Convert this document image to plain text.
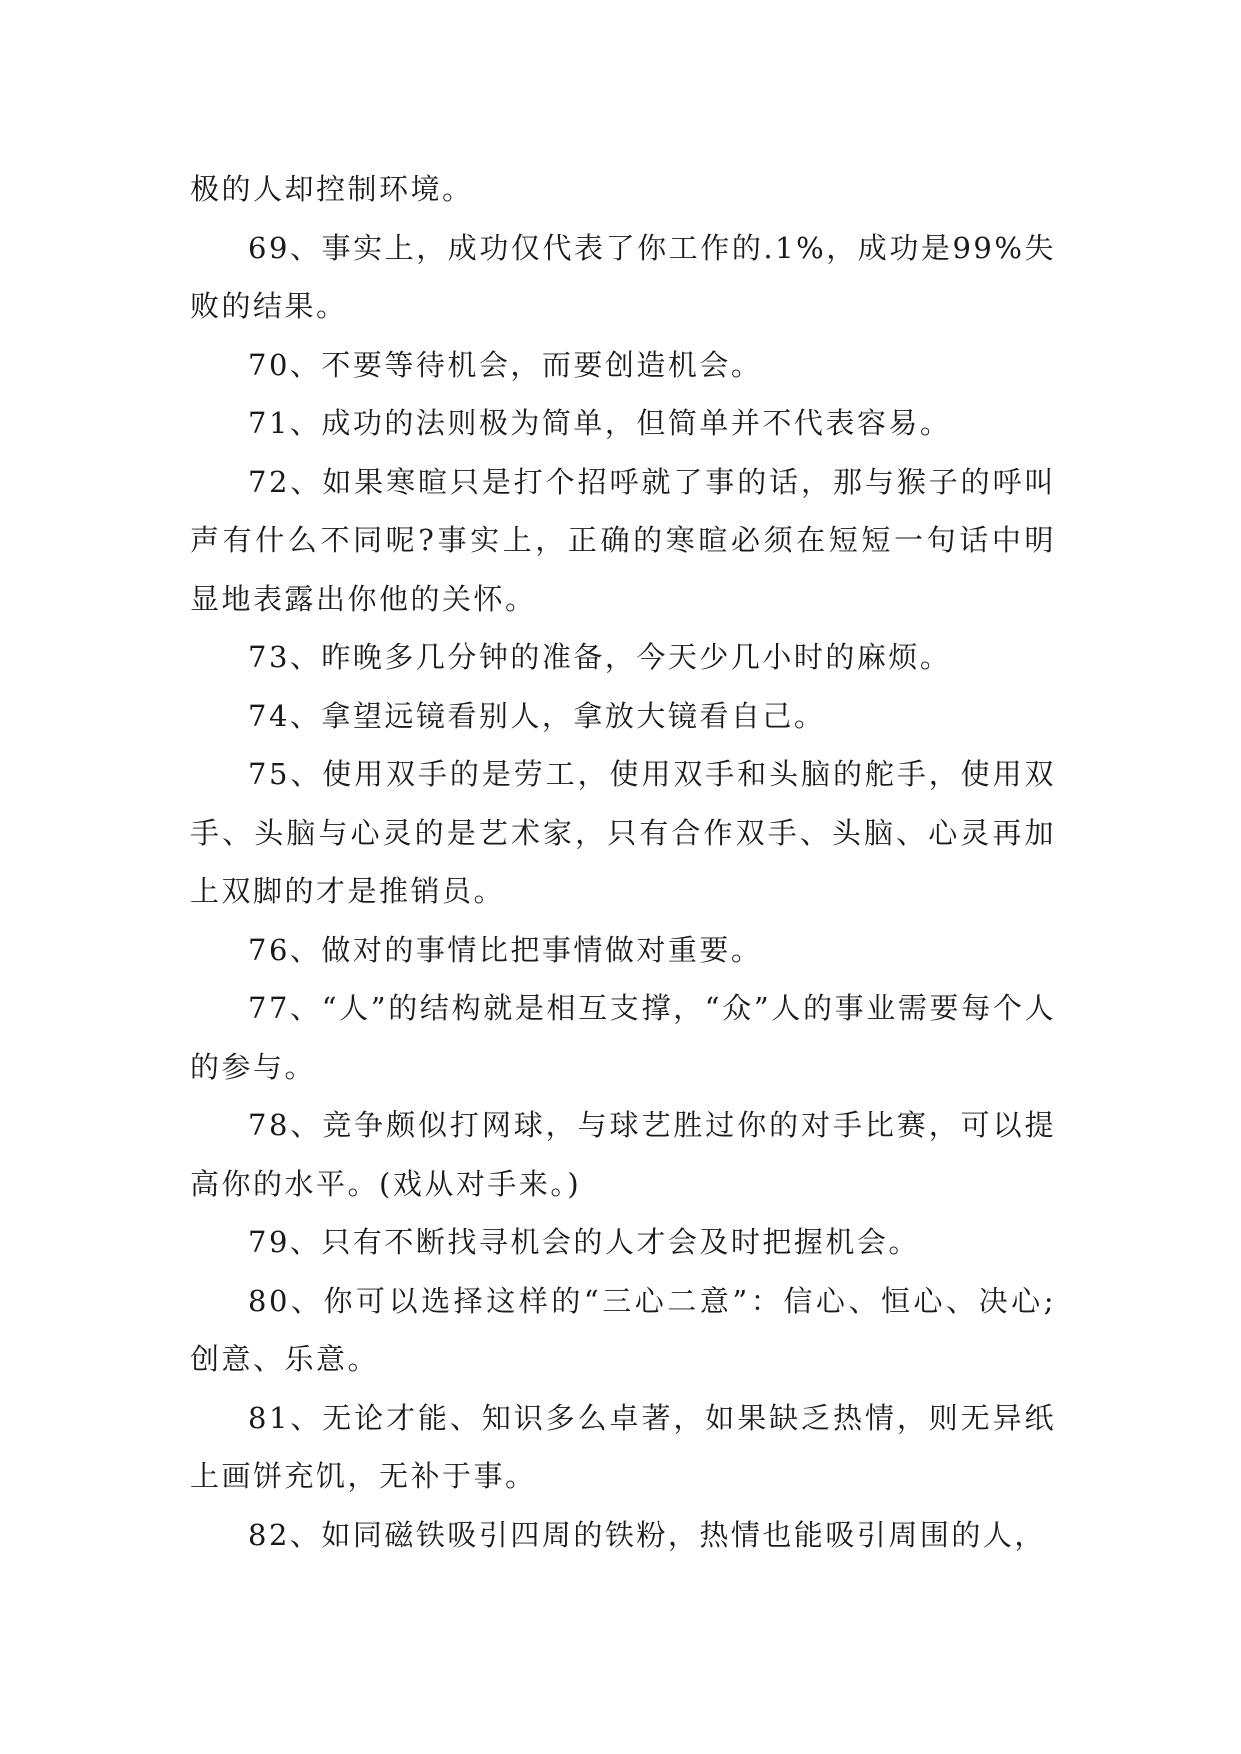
极的人却控制环境。

69、事实上，成功仅代表了你工作的.1%，成功是99%失败的结果。

70、不要等待机会，而要创造机会。

71、成功的法则极为简单，但简单并不代表容易。

72、如果寒暄只是打个招呼就了事的话，那与猴子的呼叫声有什么不同呢?事实上，正确的寒暄必须在短短一句话中明显地表露出你他的关怀。

73、昨晚多几分钟的准备，今天少几小时的麻烦。

74、拿望远镜看别人，拿放大镜看自己。

75、使用双手的是劳工，使用双手和头脑的舵手，使用双手、头脑与心灵的是艺术家，只有合作双手、头脑、心灵再加上双脚的才是推销员。

76、做对的事情比把事情做对重要。

77、“人”的结构就是相互支撑，“众”人的事业需要每个人的参与。

78、竞争颇似打网球，与球艺胜过你的对手比赛，可以提高你的水平。(戏从对手来。)

79、只有不断找寻机会的人才会及时把握机会。

80、你可以选择这样的“三心二意”：信心、恒心、决心;创意、乐意。

81、无论才能、知识多么卓著，如果缺乏热情，则无异纸上画饼充饥，无补于事。

82、如同磁铁吸引四周的铁粉，热情也能吸引周围的人，
